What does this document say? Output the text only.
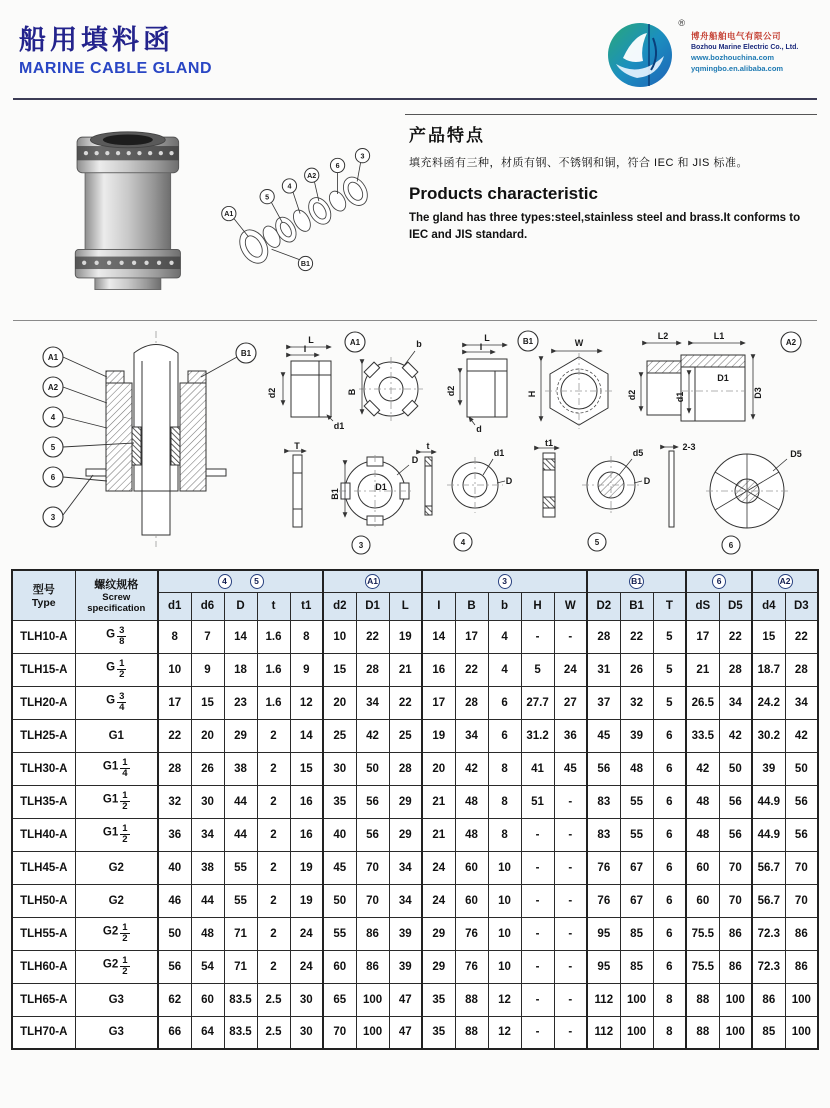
船用填料函
MARINE CABLE GLAND
®
博舟船舶电气有限公司
Bozhou Marine Electric Co., Ltd.
www.bozhouchina.com
yqmingbo.en.alibaba.com
3
6
A2
4
5
A1
B1
产品特点
填充料函有三种，材质有钢、不锈钢和铜，符合 IEC 和 JIS 标准。
Products characteristic
The gland has three types:steel,stainless steel and brass.It conforms to IEC and JIS standard.
A1
A2
4
5
6
3
B1
L
I
d2
d1
b
B
A1
T
B1
D1
D
3
L
I
d2
d
W
H
B1
t
d1
D
4
t1
d5
D
5
L2	L1
d2	d1
D1
D3
A2
2-3
D5
6
型号
Type

螺纹规格
Screw
specification
	4	5	A1	3	B1	6	A2
		d1	d6	D	t	t1	d2	D1	L	I	B	b	H	W	D2	B1	T	dS	D5	d4	D3
TLH10-A	G $\frac{3}{8}$	8	7	14	1.6	8	10	22	19	14	17	4	-	-	28	22	5	17	22	15	22
TLH15-A	G $\frac{1}{2}$	10	9	18	1.6	9	15	28	21	16	22	4	5	24	31	26	5	21	28	18.7	28
TLH20-A	G $\frac{3}{4}$	17	15	23	1.6	12	20	34	22	17	28	6	27.7	27	37	32	5	26.5	34	24.2	34
TLH25-A	G1	22	20	29	2	14	25	42	25	19	34	6	31.2	36	45	39	6	33.5	42	30.2	42
TLH30-A	$G1 \frac{1}{4}$	28	26	38	2	15	30	50	28	20	42	8	41	45	56	48	6	42	50	39	50
TLH35-A	$G1 \frac{1}{2}$	32	30	44	2	16	35	56	29	21	48	8	51	-	83	55	6	48	56	44.9	56
TLH40-A	$G1 \frac{1}{2}$	36	34	44	2	16	40	56	29	21	48	8	-	-	83	55	6	48	56	44.9	56
TLH45-A	G2	40	38	55	2	19	45	70	34	24	60	10	-	-	76	67	6	60	70	56.7	70
TLH50-A	G2	46	44	55	2	19	50	70	34	24	60	10	-	-	76	67	6	60	70	56.7	70
TLH55-A	$G2 \frac{1}{2}$	50	48	71	2	24	55	86	39	29	76	10	-	-	95	85	6	75.5	86	72.3	86
TLH60-A	$G2 \frac{1}{2}$	56	54	71	2	24	60	86	39	29	76	10	-	-	95	85	6	75.5	86	72.3	86
TLH65-A	G3	62	60	83.5	2.5	30	65	100	47	35	88	12	-	-	112	100	8	88	100	86	100
TLH70-A	G3	66	64	83.5	2.5	30	70	100	47	35	88	12	-	-	112	100	8	88	100	85	100
